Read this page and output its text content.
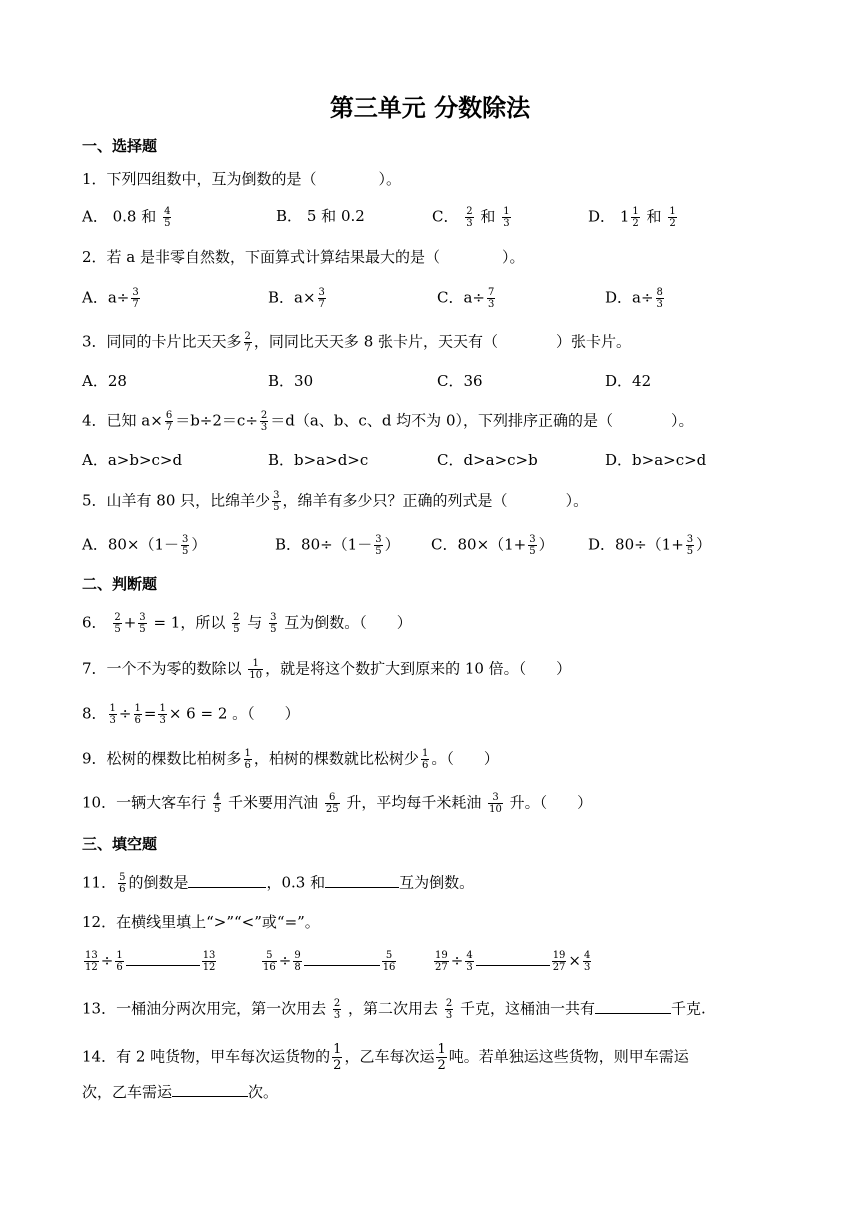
第三单元 分数除法
一、选择题
1．下列四组数中，互为倒数的是（	）。
A． 0.8 和 $\frac{4}{5}$	B． 5 和 0.2	C． $\frac{2}{3}$ 和 $\frac{1}{3}$	D． $1 \frac{1}{2}$ 和 $\frac{1}{2}$
2．若 a 是非零自然数，下面算式计算结果最大的是（	）。
A．$a\div \frac{3}{7}$	B．$a\times \frac{3}{7}$	C．$a\div \frac{7}{3}$	D．$a\div \frac{8}{3}$
3．同同的卡片比天天多 $\frac{2}{7}$ ，同同比天天多 8 张卡片，天天有（	）张卡片。
A．28	B．30	C．36	D．42
4．已知 $a\times \frac{6}{7} =b\div 2=c\div \frac{2}{3} =d(a$、b、c、d 均不为 0），下列排序正确的是（	）。
A．a>b>c>d	B．b>a>d>c	C．d>a>c>b	D．b>a>c>d
5．山羊有 80 只，比绵羊少 $\frac{3}{5}$ ，绵羊有多少只？正确的列式是（	）。
A．$80\times(1- \frac{3}{5}$ ）	B．$80\div(1- \frac{3}{5}$ ） C．$80\times(1+ \frac{3}{5}$ ） D．$80\div(1+ \frac{3}{5}$ ）
二、判断题
6． $\frac{2}{5} + \frac{3}{5} = 1$，所以 $\frac{2}{5}$ 与 $\frac{3}{5}$ 互为倒数。（　　）
7．一个不为零的数除以 $\frac{1}{10}$ ，就是将这个数扩大到原来的 10 倍。（　　）
8． $\frac{1}{3} \div \frac{1}{6} = \frac{1}{3} \times 6 = 2$ 。（　　）
9．松树的棵数比柏树多 $\frac{1}{6}$ ，柏树的棵数就比松树少 $\frac{1}{6}$ 。（　　）
10．一辆大客车行 $\frac{4}{5}$ 千米要用汽油 $\frac{6}{25}$ 升，平均每千米耗油 $\frac{3}{10}$ 升。（　　）
三、填空题
11． $\frac{5}{6}$ 的倒数是	，0.3 和	互为倒数。
12．在横线里填上“>”“<”或“=”。
$\frac{13}{12} \div \frac{1}{6}$	$\frac{13}{12}$	$\frac{5}{16} \div \frac{9}{8}$	$\frac{5}{16}$	$\frac{19}{27} \div \frac{4}{3}$	$\frac{19}{27} \times \frac{4}{3}$
13．一桶油分两次用完，第一次用去 $\frac{2}{3}$ ，第二次用去 $\frac{2}{3}$ 千克，这桶油一共有	千克.
14．有 2 吨货物，甲车每次运货物的 $\frac{1}{2}$ ，乙车每次运 $\frac{1}{2}$ 吨。若单独运这些货物，则甲车需运
次，乙车需运	次。
